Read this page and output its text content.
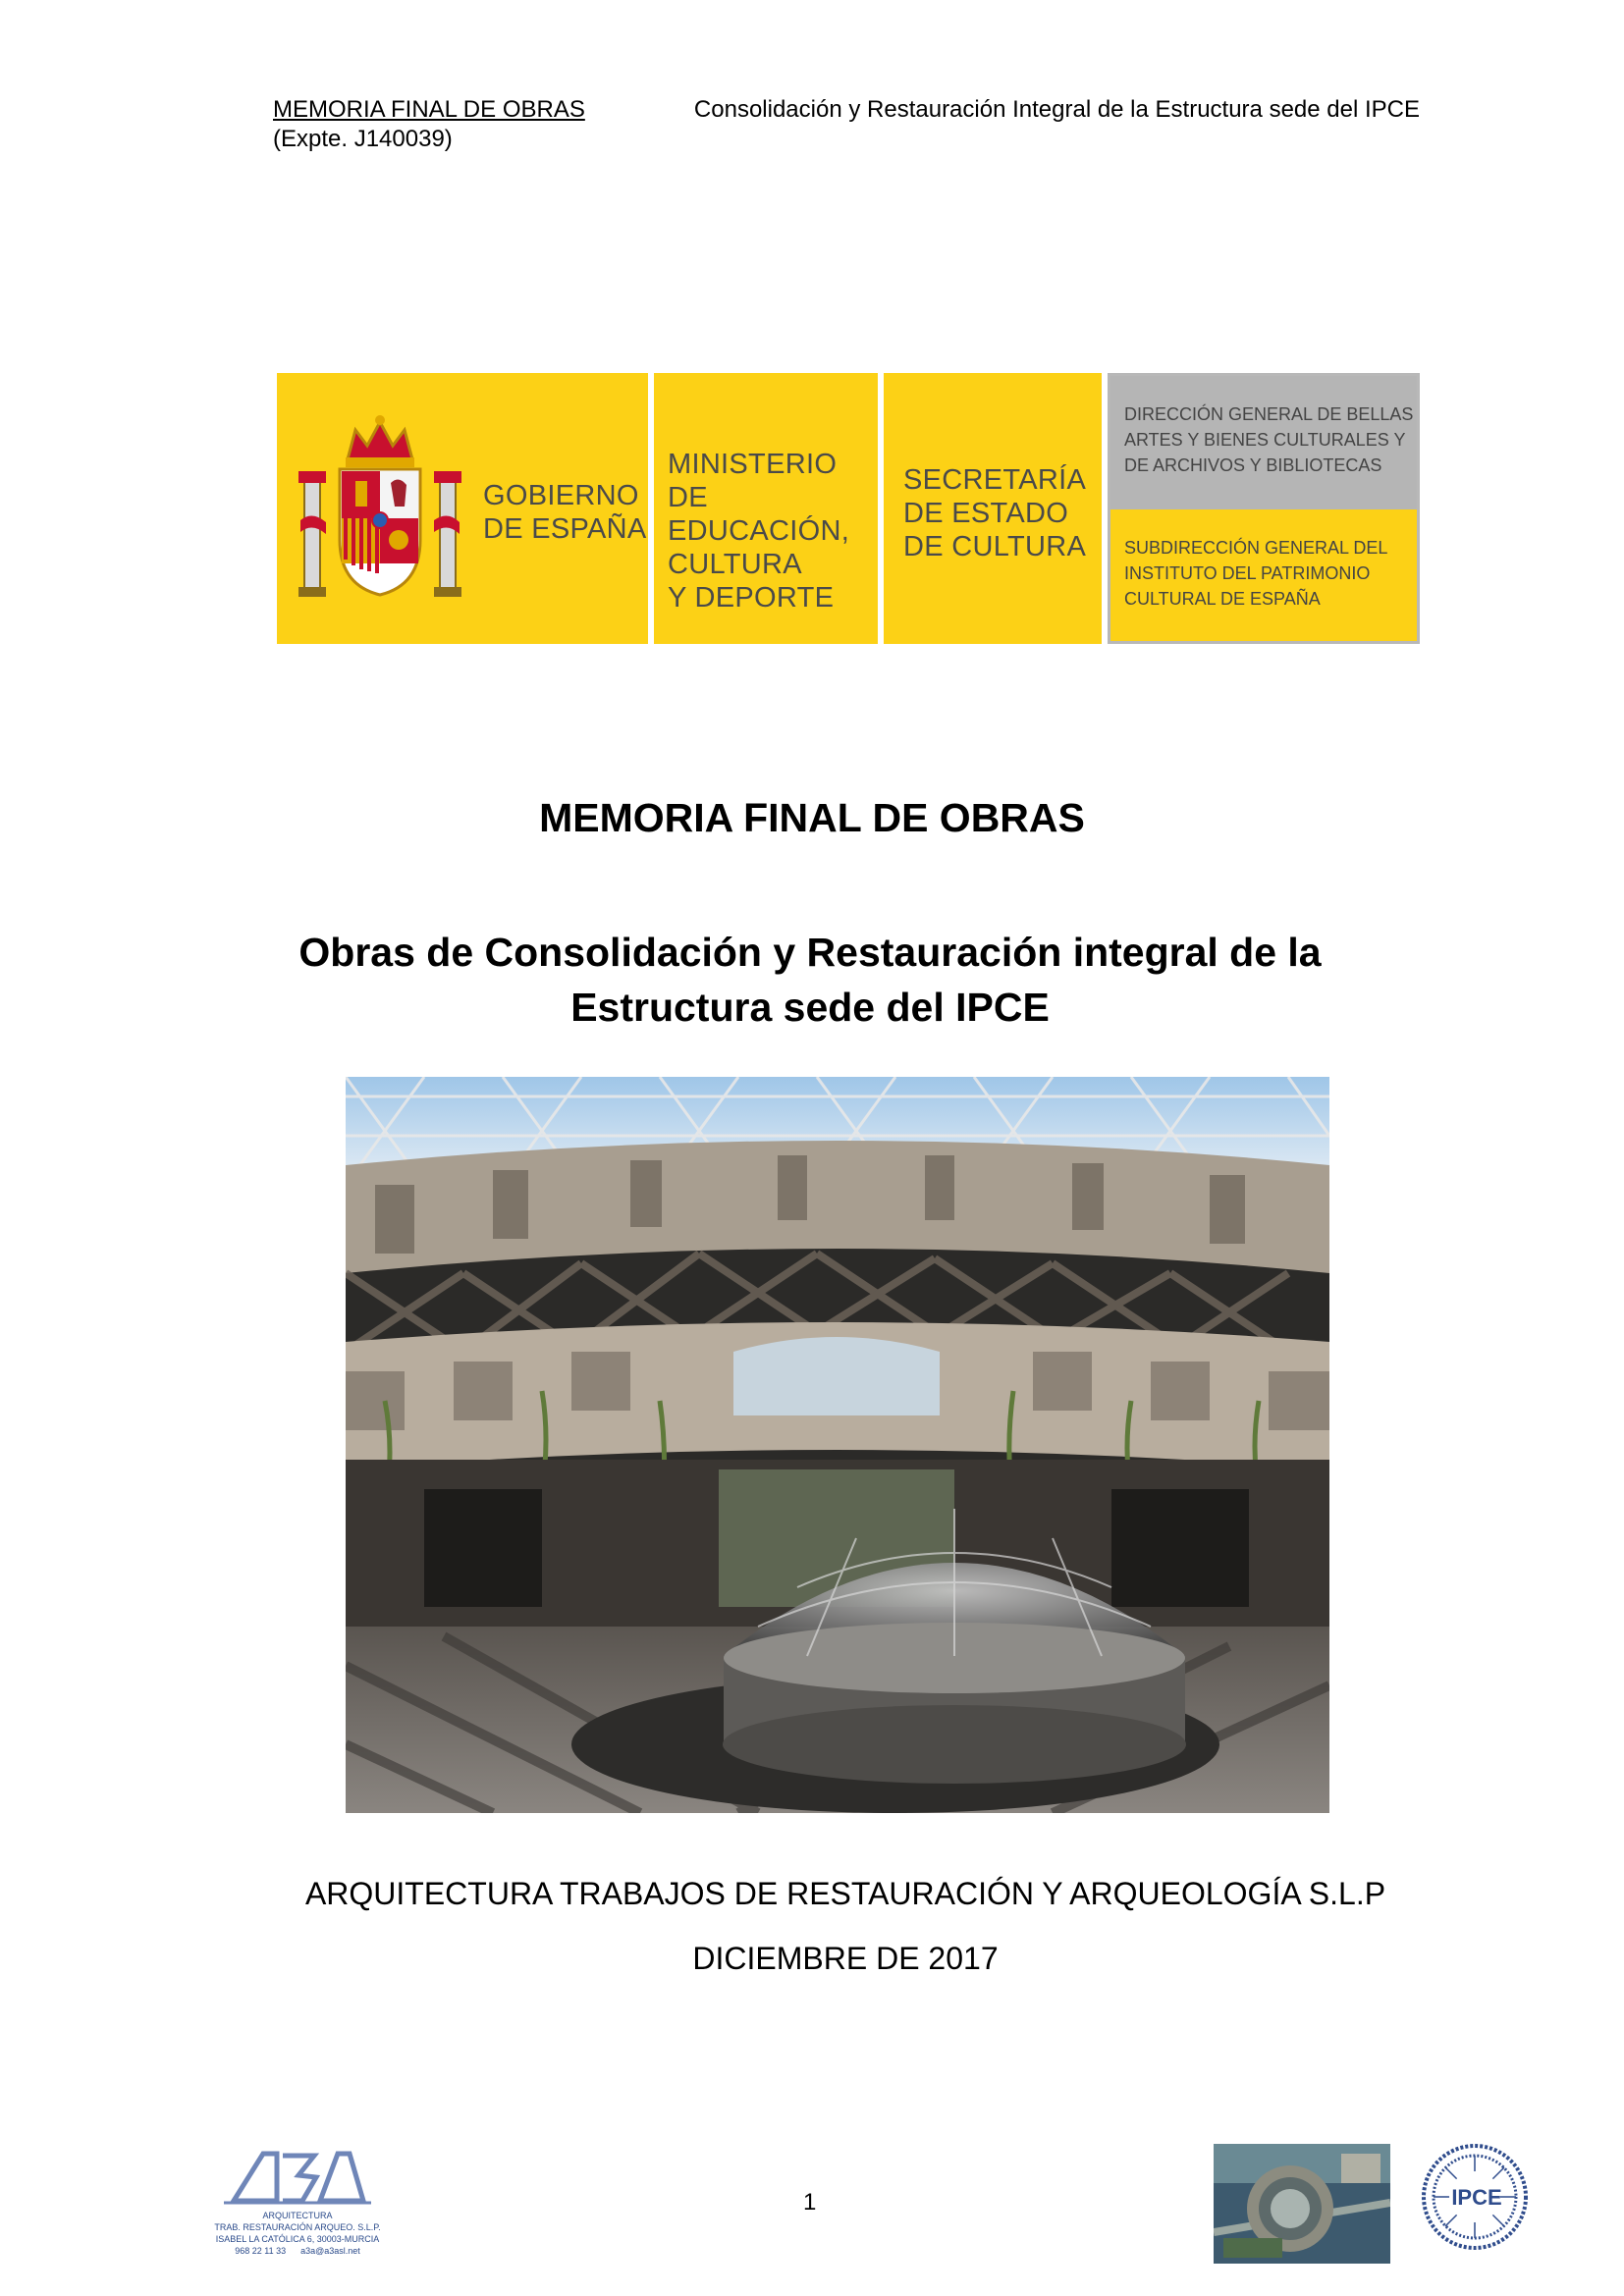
MEMORIA FINAL DE OBRAS	Consolidación y Restauración Integral de la Estructura sede del IPCE
(Expte. J140039)
GOBIERNO
DE ESPAÑA
MINISTERIO DE
EDUCACIÓN,
CULTURA
Y DEPORTE
SECRETARÍA
DE ESTADO
DE CULTURA
DIRECCIÓN GENERAL DE BELLAS
ARTES Y BIENES CULTURALES Y
DE ARCHIVOS Y BIBLIOTECAS
SUBDIRECCIÓN GENERAL DEL
INSTITUTO DEL PATRIMONIO
CULTURAL DE ESPAÑA
MEMORIA FINAL DE OBRAS
Obras de Consolidación y Restauración integral de la Estructura sede del IPCE
ARQUITECTURA TRABAJOS DE RESTAURACIÓN Y ARQUEOLOGÍA S.L.P
DICIEMBRE DE 2017
ARQUITECTURA
TRAB. RESTAURACIÓN ARQUEO. S.L.P.
ISABEL LA CATÓLICA 6, 30003-MURCIA
968 22 11 33 a3a@a3asl.net
1	IPCE
